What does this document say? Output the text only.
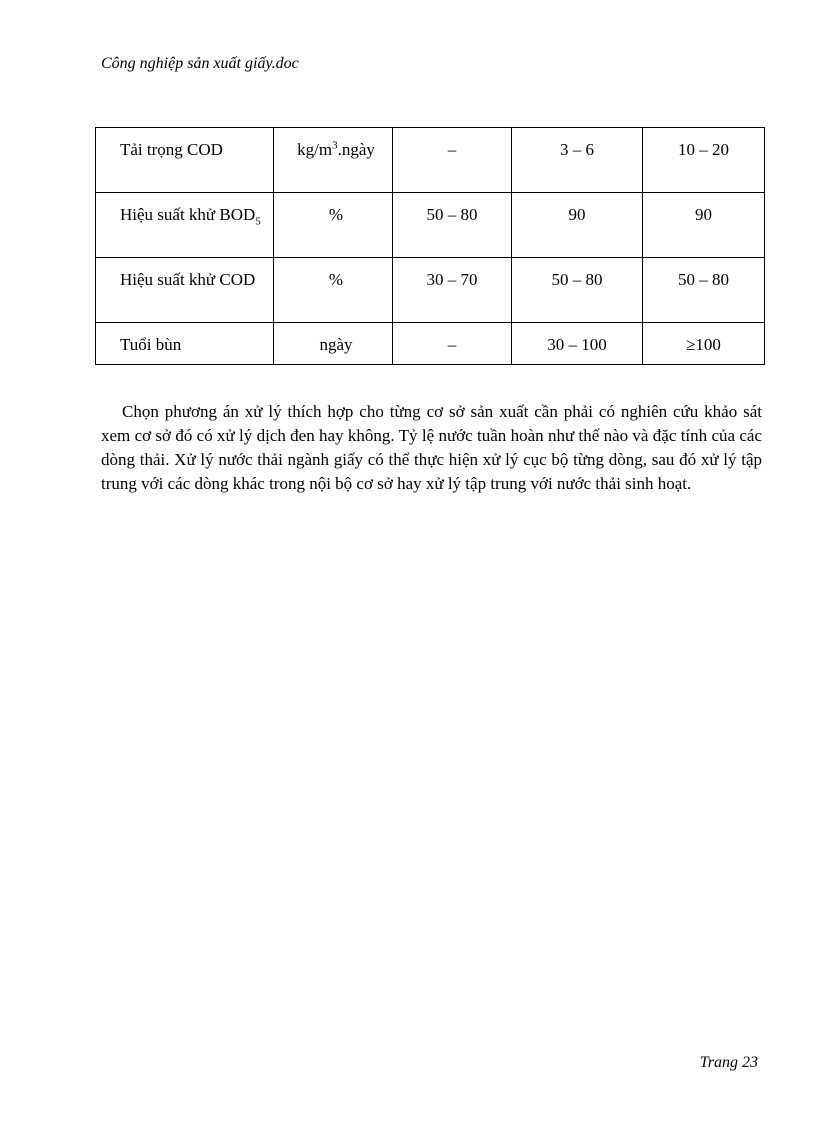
Công nghiệp sản xuất giấy.doc
Tải trọng COD	$kg/m^3.ngày$	–	3 – 6	10 – 20
Hiệu suất khử $BOD_5$	%	50 – 80	90	90
Hiệu suất khử COD	%	30 – 70	50 – 80	50 – 80
Tuổi bùn	ngày	–	30 – 100	≥100

Chọn phương án xử lý thích hợp cho từng cơ sở sản xuất cần phải có nghiên cứu khảo sát xem cơ sở đó có xử lý dịch đen hay không. Tỷ lệ nước tuần hoàn như thế nào và đặc tính của các dòng thải. Xử lý nước thải ngành giấy có thể thực hiện xử lý cục bộ từng dòng, sau đó xử lý tập trung với các dòng khác trong nội bộ cơ sở hay xử lý tập trung với nước thải sinh hoạt.

Trang 23
